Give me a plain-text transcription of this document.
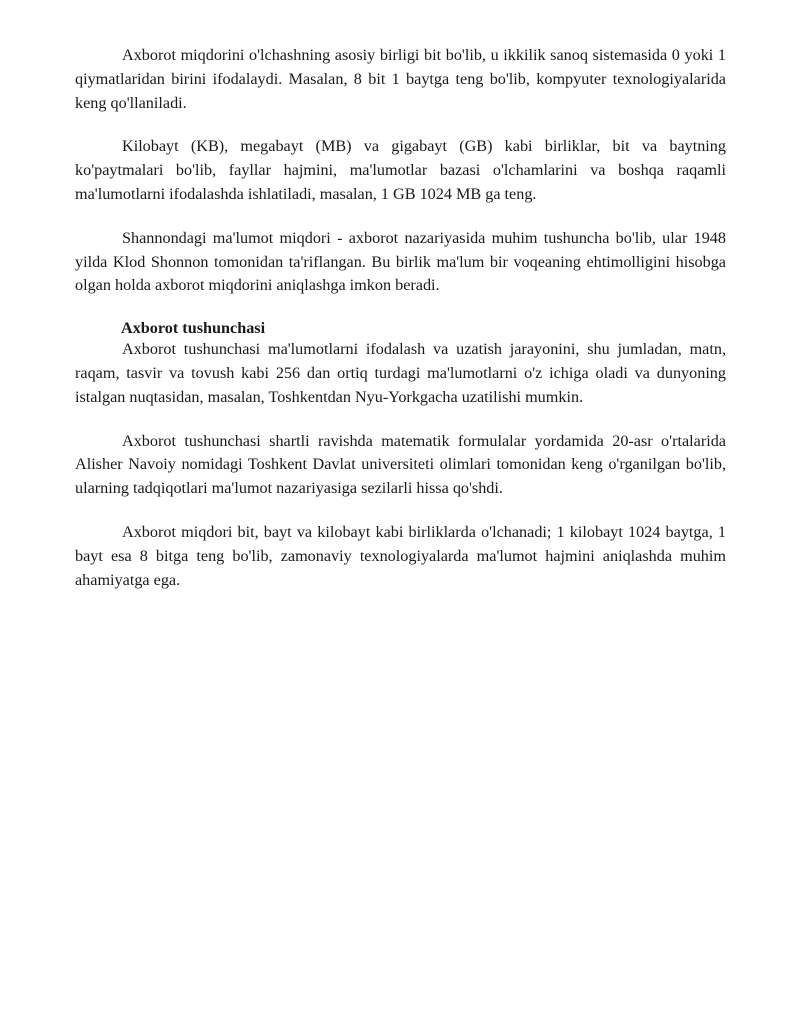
Axborot miqdorini o'lchashning asosiy birligi bit bo'lib, u ikkilik sanoq sistemasida 0 yoki 1 qiymatlaridan birini ifodalaydi. Masalan, 8 bit 1 baytga teng bo'lib, kompyuter texnologiyalarida keng qo'llaniladi.

Kilobayt (KB), megabayt (MB) va gigabayt (GB) kabi birliklar, bit va baytning ko'paytmalari bo'lib, fayllar hajmini, ma'lumotlar bazasi o'lchamlarini va boshqa raqamli ma'lumotlarni ifodalashda ishlatiladi, masalan, 1 GB 1024 MB ga teng.

Shannondagi ma'lumot miqdori - axborot nazariyasida muhim tushuncha bo'lib, ular 1948 yilda Klod Shonnon tomonidan ta'riflangan. Bu birlik ma'lum bir voqeaning ehtimolligini hisobga olgan holda axborot miqdorini aniqlashga imkon beradi.

Axborot tushunchasi

Axborot tushunchasi ma'lumotlarni ifodalash va uzatish jarayonini, shu jumladan, matn, raqam, tasvir va tovush kabi 256 dan ortiq turdagi ma'lumotlarni o'z ichiga oladi va dunyoning istalgan nuqtasidan, masalan, Toshkentdan Nyu-Yorkgacha uzatilishi mumkin.

Axborot tushunchasi shartli ravishda matematik formulalar yordamida 20-asr o'rtalarida Alisher Navoiy nomidagi Toshkent Davlat universiteti olimlari tomonidan keng o'rganilgan bo'lib, ularning tadqiqotlari ma'lumot nazariyasiga sezilarli hissa qo'shdi.

Axborot miqdori bit, bayt va kilobayt kabi birliklarda o'lchanadi; 1 kilobayt 1024 baytga, 1 bayt esa 8 bitga teng bo'lib, zamonaviy texnologiyalarda ma'lumot hajmini aniqlashda muhim ahamiyatga ega.
